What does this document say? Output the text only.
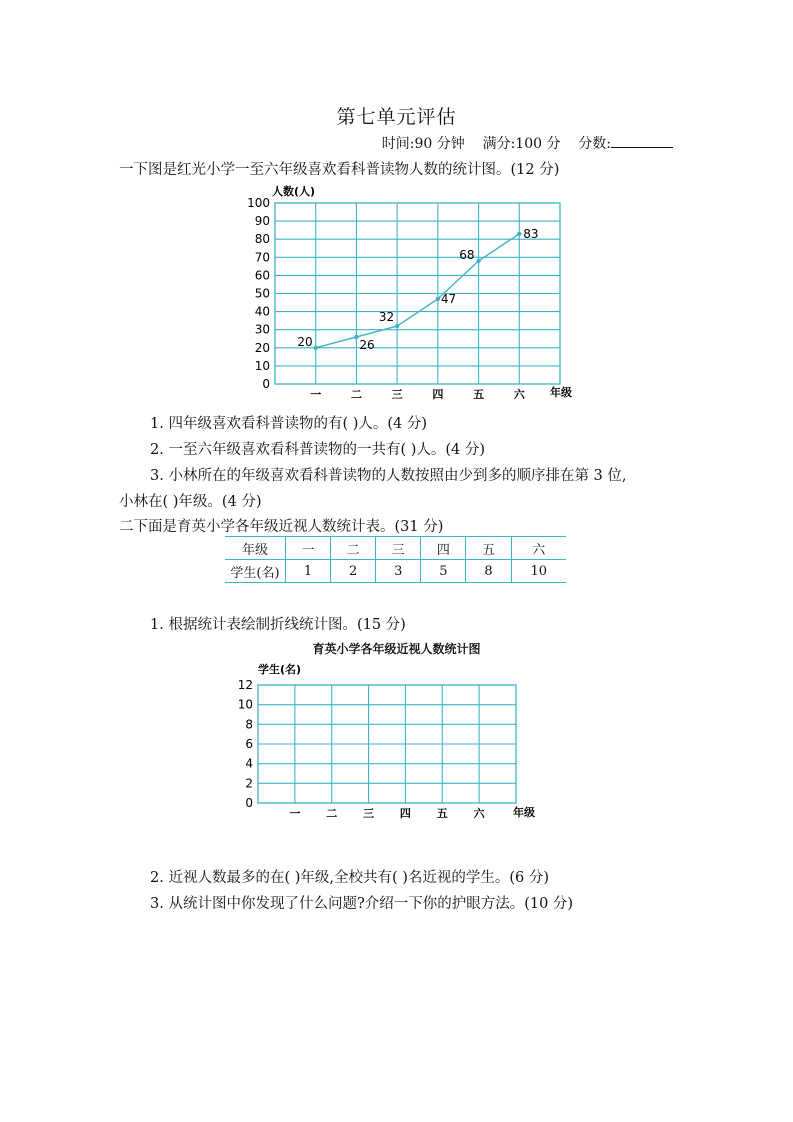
第七单元评估
时间:90 分钟 满分:100 分 分数:
一下图是红光小学一至六年级喜欢看科普读物人数的统计图。(12 分)
0
10
20
30
40
50
60
70
80
90
100
一	二	三	四	五	六
人数(人)
年级
20	26
32
47
68
83
1. 四年级喜欢看科普读物的有( )人。(4 分)
2. 一至六年级喜欢看科普读物的一共有( )人。(4 分)
3. 小林所在的年级喜欢看科普读物的人数按照由少到多的顺序排在第 3 位,
小林在( )年级。(4 分)
二下面是育英小学各年级近视人数统计表。(31 分)
年级	一	二	三	四	五	六
学生(名)	1	2	3	5	8	10
1. 根据统计表绘制折线统计图。(15 分)
育英小学各年级近视人数统计图
0
2
4
6
8
10
12
一 二 三 四 五 六
学生(名)
年级
2. 近视人数最多的在( )年级,全校共有( )名近视的学生。(6 分)
3. 从统计图中你发现了什么问题?介绍一下你的护眼方法。(10 分)
